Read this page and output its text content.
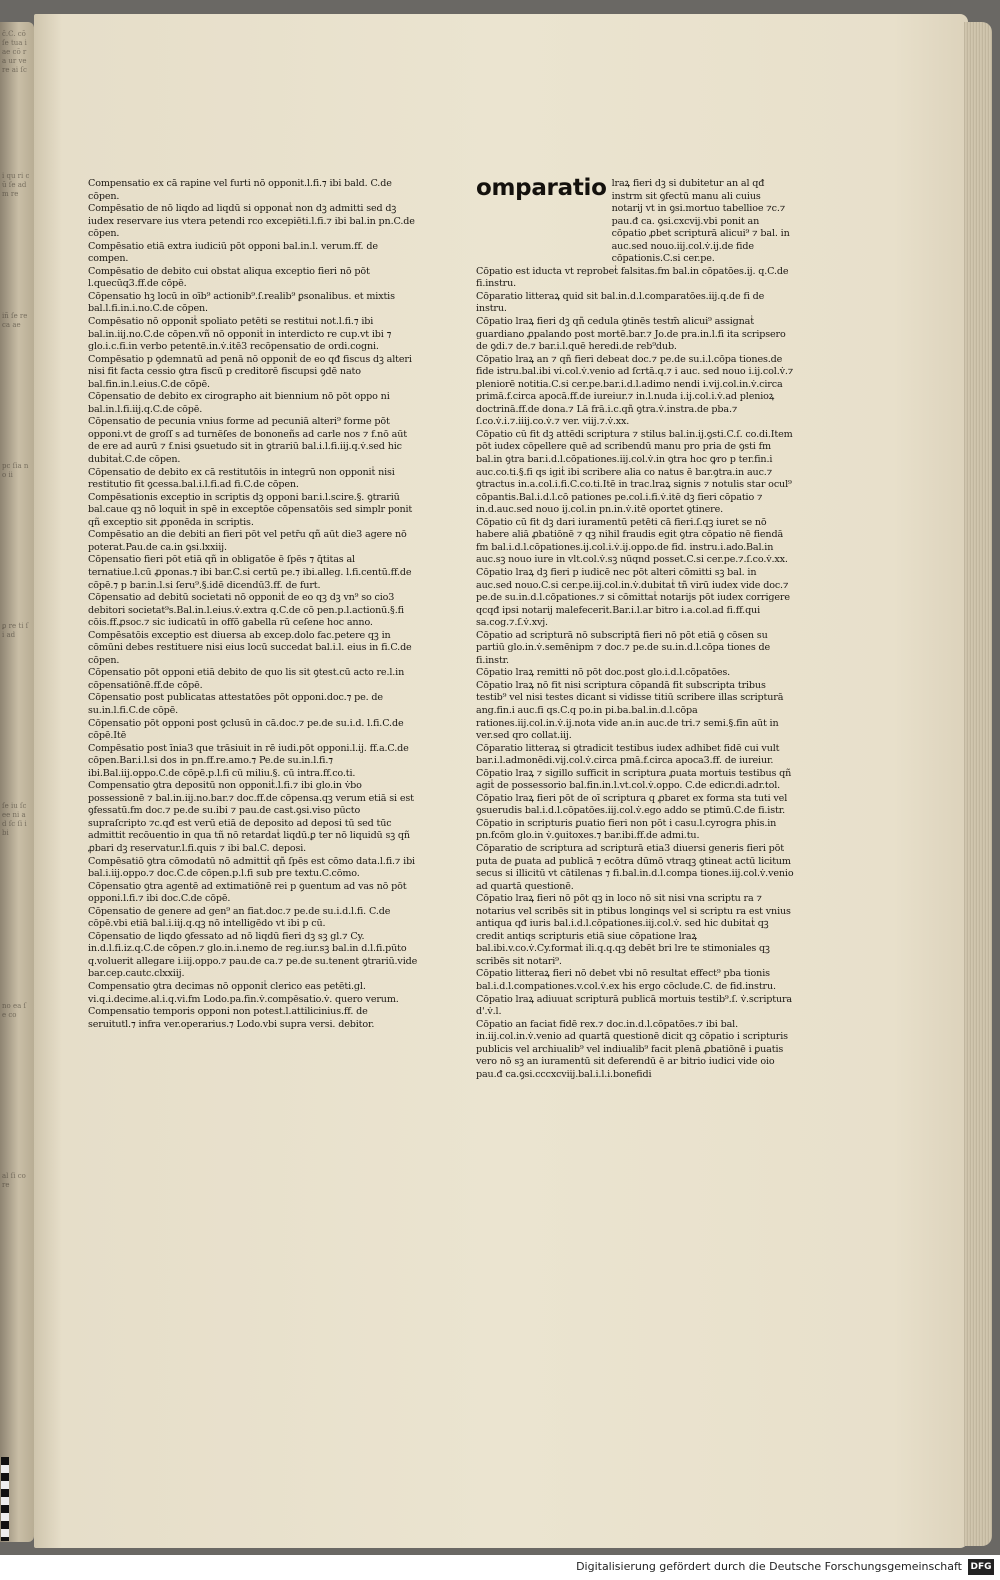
c̄.C. cō ſe tua i ae cō ra ur ve re ai ſc
i qu ri cū ſe ad m re
iñ ſe re ca ae
pc ſia no ii
ꝑ re ti ſi ad
ſe iu ſc ee ni ad ſc ſi i bi
no ea ſe co
al ſi co re

Compensatio ex cā rapine vel furti nō opponit.l.fi.⁊ ibi bald. C.de cōpen.

Compēsatio de nō liqdo ad liqdū si opponaṫ non dꝫ admitti sed dꝫ iudex reservare ius vtera petendi rco excepiēti.l.fi.⁊ ibi bal.in pn.C.de cōpen.

Compēsatio etiā extra iudiciū pōt opponi bal.in.l. verum.ff. de compen.

Compēsatio de debito cui obstat aliqua exceptio fieri nō pōt l.quecūq3.ff.de cōpē.

Cōpensatio hꝫ locū in oīb⁹ actionib⁹.ſ.realib⁹ ꝑsonalibus. et mixtis bal.l.fi.in.i.no.C.de cōpen.

Compēsatio nō opponiṫ spoliato petēti se restitui not.l.fi.⁊ ibi bal.in.iij.no.C.de cōpen.vñ nō opponiṫ in interdicto re cup.vt ibi ⁊ glo.i.c.fi.in verbo petentē.in.v̇.itē3 recōpensatio de ordi.cogni.

Compēsatio p ꝯdemnatū ad penā nō opponiṫ de eo qđ fiscus dꝫ alteri nisi fit facta cessio ꝯtra fiscū p creditorē fiscupsi ꝯdē nato bal.fin.in.l.eius.C.de cōpē.

Cōpensatio de debito ex cirographo ait biennium nō pōt oppo ni bal.in.l.fi.iij.q.C.de cōpē.

Cōpensatio de pecunia vnius forme ad pecuniā alteri⁹ forme pōt opponi.vt de groſſ s ad turnēſes de bononeñs ad carle nos ⁊ f.nō aūt de ere ad aurū ⁊ f.nisi ꝯsuetudo sit in ꝯtrariū bal.i.l.fi.iij.q.v̇.sed hic dubitaṫ.C.de cōpen.

Cōpensatio de debito ex cā restitutōis in integrū non opponiṫ nisi restitutio fit ꝯcessa.bal.i.l.fi.ad fi.C.de cōpen.

Compēsationis exceptio in scriptis dꝫ opponi bar.i.l.scire.§. ꝯtrariū bal.caue qꝫ nō loquiṫ in spē in exceptōe cōpensatōis sed simplr ponit qñ exceptio sit ꝓponēda in scriptis.

Compēsatio an die debiti an fieri pōt vel petr̄u qñ aūt die3 agere nō poterat.Pau.de ca.in ꝯsi.lxxiij.

Cōpensatio fieri pōt etiā qñ in obligatōe ē ſpēs ⁊ q̄titas al ternatiue.l.cū ꝓponas.⁊ ibi bar.C.si certū pe.⁊ ibi.alleg. l.fi.centū.ff.de cōpē.⁊ p bar.in.l.si ſeru⁹.§.idē dicendū3.ff. de furt.

Cōpensatio ad debitū societati nō opponiṫ de eo qꝫ dꝫ vn⁹ so cio3 debitori societat⁹s.Bal.in.l.eius.v̇.extra q.C.de cō pen.p.l.actionū.§.fi cōis.ff.ꝓsoc.⁊ sic iudicatū in offō gabella rū ceſene hoc anno.

Compēsatōis exceptio est diuersa ab excep.dolo fac.petere qꝫ in cōmūni debes restituere nisi eius locū succedat bal.i.l. eius in fi.C.de cōpen.

Cōpensatio pōt opponi etiā debito de quo lis sit ꝯtest.cū acto re.l.in cōpensatiōnē.ff.de cōpē.

Cōpensatio post publicatas attestatōes pōt opponi.doc.⁊ pe. de su.in.l.fi.C.de cōpē.

Cōpensatio pōt opponi post ꝯclusū in cā.doc.⁊ pe.de su.i.d. l.fi.C.de cōpē.Itē

Compēsatio post īnia3 que trāsiuit in rē iudi.pōt opponi.l.ij. ff.a.C.de cōpen.Bar.i.l.si dos in pn.ff.re.amo.⁊ Pe.de su.in.l.fi.⁊ ibi.Bal.iij.oppo.C.de cōpē.p.l.fi cū miliu.§. cū intra.ff.co.ti.

Compensatio ꝯtra depositū non opponiṫ.l.fi.⁊ ibi glo.in v̇bo possessionē ⁊ bal.in.iij.no.bar.⁊ doc.ff.de cōpensa.qꝫ verum etiā si est ꝯfessatū.fm doc.⁊ pe.de su.ibi ⁊ pau.de cast.ꝯsi.viso pūcto supraſcripto ⁊c.qđ est verū etiā de deposito ad deposi tū sed tūc admittit recōuentio in qua tñ nō retardaṫ liqdū.ꝑ ter nō liquidū sꝫ qñ ꝓbari dꝫ reservatur.l.fi.quis ⁊ ibi bal.C. deposi.

Compēsatiō ꝯtra cōmodatū nō admittiṫ qñ ſpēs est cōmo data.l.fi.⁊ ibi bal.i.iij.oppo.⁊ doc.C.de cōpen.p.l.fi sub pre textu.C.cōmo.

Cōpensatio ꝯtra agentē ad extimatiōnē rei p ꝯuentum ad vas nō pōt opponi.l.fi.⁊ ibi doc.C.de cōpē.

Cōpensatio de genere ad gen⁹ an fiat.doc.⁊ pe.de su.i.d.l.fi. C.de cōpē.vbi etiā bal.i.iij.q.qꝫ nō intelligēdo vt ibi p cū.

Cōpensatio de liqdo ꝯfessato ad nō liqdū fieri dꝫ sꝫ gl.⁊ Cy. in.d.l.fi.iz.q.C.de cōpen.⁊ glo.in.i.nemo de reg.iur.sꝫ bal.in d.l.fi.pūto q.voluerit allegare i.iij.oppo.⁊ pau.de ca.⁊ pe.de su.tenent ꝯtrariū.vide bar.cep.cautc.clxxiij.

Compensatio ꝯtra decimas nō opponiṫ clerico eas petēti.gl. vi.q.i.decime.al.i.q.vi.fm Lodo.pa.fin.v̇.compēsatio.v̇. quero verum.

Compensatio temporis opponi non potest.l.attilicinius.ff. de seruitutl.⁊ infra ver.operarius.⁊ Lodo.vbi supra versi. debitor.

omparatio lraꝝ fieri dꝫ si dubitetur an al qđ instrm sit ꝯfectū manu ali cuius notarij vt in ꝯsi.mortuo tabellioe ⁊c.⁊ pau.đ ca. ꝯsi.cxcvij.vbi ponit an cōpatio ꝓbet scripturā alicui⁹ ⁊ bal. in auc.sed nouo.iij.col.v̇.ij.de fide cōpationis.C.si cer.pe.

Cōpatio est iducta vt reprobeṫ falsitas.fm bal.in cōpatōes.ij. q.C.de fi.instru.

Cōparatio litteraꝝ quid sit bal.in.d.l.comparatōes.iij.q.de fi de instru.

Cōpatio lraꝝ fieri dꝫ qñ cedula ꝯtinēs testm̄ alicui⁹ assignaṫ guardiano ꝓpalando post mortē.bar.⁊ Jo.de pra.in.l.fi ita scripsero de ꝯdi.⁊ de.⁊ bar.i.l.quē heredi.de reb⁹dub.

Cōpatio lraꝝ an ⁊ qñ fieri debeat doc.⁊ pe.de su.i.l.cōpa tiones.de fide istru.bal.ibi vi.col.v̇.venio ad ſcrtā.q.⁊ i auc. sed nouo i.ij.col.v̇.⁊ pleniorē notitia.C.si cer.pe.bar.i.d.l.adimo nendi i.vij.col.in.v̇.circa primā.f.circa apocā.ff.de iureiur.⁊ in.l.nuda i.ij.col.i.v̇.ad plenioꝝ doctrinā.ff.de dona.⁊ Lā frā.i.c.qñ ꝯtra.v̇.instra.de pba.⁊ ſ.co.v̇.i.⁊.iiij.co.v̇.⁊ ver. viij.⁊.v̇.xx.

Cōpatio cū fit dꝫ attēdi scriptura ⁊ stilus bal.in.ij.ꝯsti.C.ſ. co.di.Item pōt iudex cōpellere quē ad scribendū manu pro pria de ꝯsti fm bal.in ꝯtra bar.i.d.l.cōpationes.iij.col.v̇.in ꝯtra hoc ꝙro p ter.fin.i auc.co.ti.§.fi qs igiṫ ibi scribere alia co natus ē bar.ꝯtra.in auc.⁊ ꝯtractus in.a.col.i.fi.C.co.ti.Itē in trac.lraꝝ signis ⁊ notulis star ocul⁹ cōpantis.Bal.i.d.l.cō pationes pe.col.i.fi.v̇.itē dꝫ fieri cōpatio ⁊ in.d.auc.sed nouo ij.col.in pn.in.v̇.itē oportet ꝯtinere.

Cōpatio cū fit dꝫ dari iuramentū petēti cā fieri.ſ.qꝫ iuret se nō habere aliā ꝓbatiōnē ⁊ qꝫ nihil fraudis egit ꝯtra cōpatio nē fiendā fm bal.i.d.l.cōpationes.ij.col.i.v̇.ij.oppo.de fid. instru.i.ado.Bal.in auc.sꝫ nouo iure in vlt.col.v̇.sꝫ nūqnd posset.C.si cer.pe.⁊.ſ.co.v̇.xx.

Cōpatio lraꝝ dꝫ fieri p iudicē nec pōt alteri cōmitti sꝫ bal. in auc.sed nouo.C.si cer.pe.iij.col.in.v̇.dubitaṫ tñ virū iudex vide doc.⁊ pe.de su.in.d.l.cōpationes.⁊ si cōmittaṫ notarijs pōt iudex corrigere qcqđ ipsi notarij malefecerit.Bar.i.l.ar bitro i.a.col.ad fi.ff.qui sa.cog.⁊.ſ.v̇.xvj.

Cōpatio ad scripturā nō subscriptā fieri nō pōt etiā ꝯ cōsen su partiū glo.in.v̇.semēnipm ⁊ doc.⁊ pe.de su.in.d.l.cōpa tiones de fi.instr.

Cōpatio lraꝝ remitti nō pōt doc.post glo.i.d.l.cōpatōes.

Cōpatio lraꝝ nō fit nisi scriptura cōpandā fit subscripta tribus testib⁹ vel nisi testes dicant si vidisse titiū scribere illas scripturā ang.fin.i auc.fi qs.C.q po.in pi.ba.bal.in.d.l.cōpa rationes.iij.col.in.v̇.ij.nota vide an.in auc.de tri.⁊ semi.§.fin aūt in ver.sed qro collat.iij.

Cōparatio litteraꝝ si ꝯtradicit testibus iudex adhibet fidē cui vult bar.i.l.admonēdi.vij.col.v̇.circa pmā.f.circa apoca3.ff. de iureiur.

Cōpatio lraꝝ ⁊ sigillo sufficit in scriptura ꝓuata mortuis testibus qñ agiṫ de possessorio bal.fin.in.l.vt.col.v̇.oppo. C.de edicr.di.adr.tol.

Cōpatio lraꝝ fieri pōt de oī scriptura q ꝓbaret ex forma sta tuti vel ꝯsuerudis bal.i.d.l.cōpatōes.iij.col.v̇.ego addo se ptimū.C.de fi.istr.

Cōpatio in scripturis ꝑuatio fieri non pōt i casu.l.cyrogra phis.in pn.fcōm glo.in v̇.ꝯuitoxes.⁊ bar.ibi.ff.de admi.tu.

Cōparatio de scriptura ad scripturā etia3 diuersi generis fieri pōt puta de ꝑuata ad publicā ⁊ ecōtra dūmō vtraqꝫ ꝯtineat actū licitum secus si illicitū vt cātilenas ⁊ fi.bal.in.d.l.compa tiones.iij.col.v̇.venio ad quartā questionē.

Cōpatio lraꝝ fieri nō pōt qꝫ in loco nō sit nisi vna scriptu ra ⁊ notarius vel scribēs sit in ptibus longinqs vel si scriptu ra est vnius antiqua qđ iuris bal.i.d.l.cōpationes.iij.col.v̇. sed hic dubitaṫ qꝫ credit antiqs scripturis etiā siue cōpatione lraꝝ bal.ibi.v.co.v̇.Cy.formaṫ ili.q.q.qꝫ debēt bri lre te stimoniales qꝫ scribēs sit notari⁹.

Cōpatio litteraꝝ fieri nō debet vbi nō resultat effect⁹ pba tionis bal.i.d.l.compationes.v.col.v̇.ex his ergo cōclude.C. de fid.instru.

Cōpatio lraꝝ adiuuat scripturā publicā mortuis testib⁹.ſ. v̇.scriptura d'.v̇.l.

Cōpatio an faciat fidē rex.⁊ doc.in.d.l.cōpatōes.⁊ ibi bal. in.iij.col.in.v̇.venio ad quartā questionē dicit qꝫ cōpatio i scripturis publicis vel archiualib⁹ vel indiualib⁹ facit plenā ꝓbatiōnē i ꝑuatis vero nō sꝫ an iuramentū sit deferendū ē ar bitrio iudici vide oio pau.đ ca.ꝯsi.cccxcviij.bal.i.l.i.bonefidi

Digitalisierung gefördert durch die Deutsche Forschungsgemeinschaft DFG
